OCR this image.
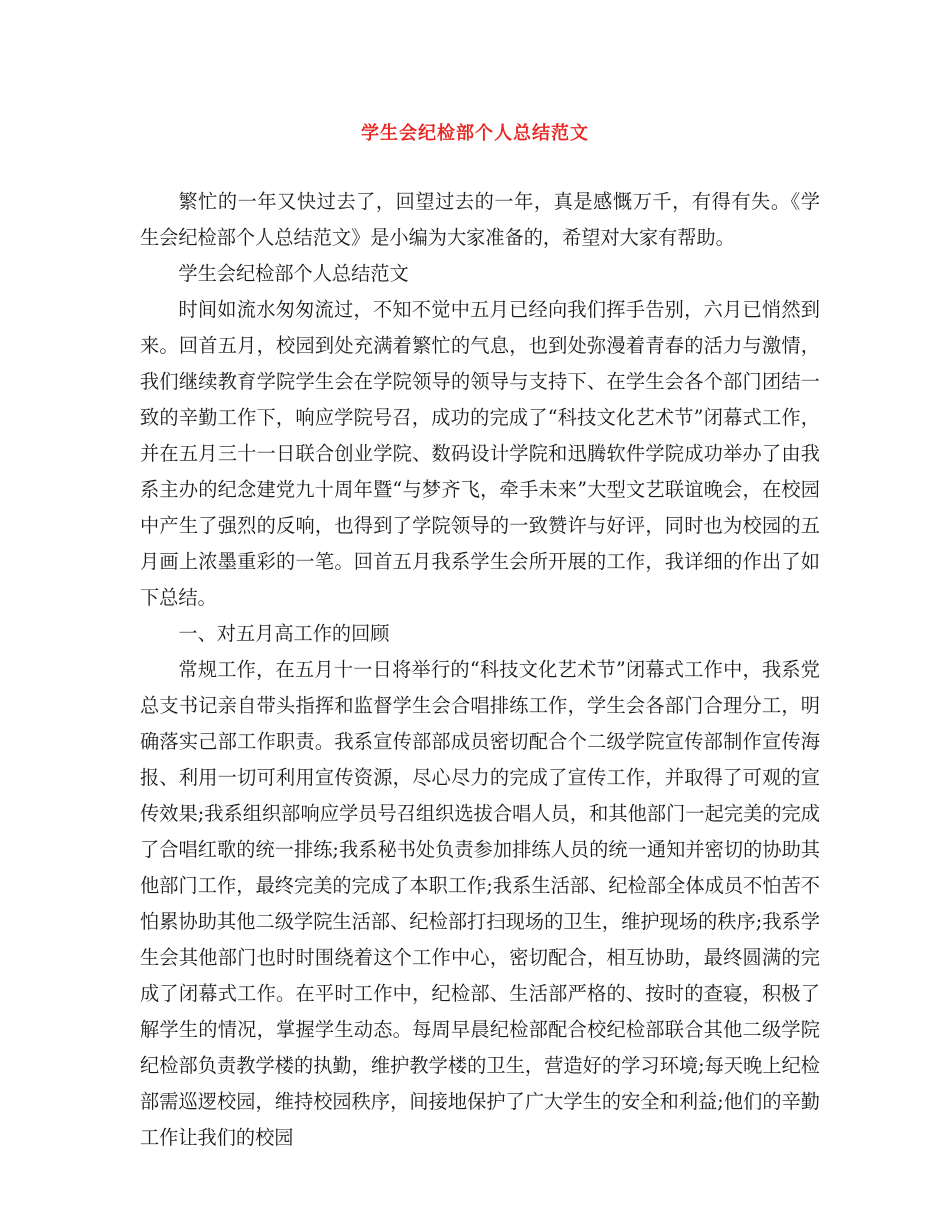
学生会纪检部个人总结范文

繁忙的一年又快过去了，回望过去的一年，真是感慨万千，有得有失。《学生会纪检部个人总结范文》是小编为大家准备的，希望对大家有帮助。

学生会纪检部个人总结范文

时间如流水匆匆流过，不知不觉中五月已经向我们挥手告别，六月已悄然到来。回首五月，校园到处充满着繁忙的气息，也到处弥漫着青春的活力与激情，我们继续教育学院学生会在学院领导的领导与支持下、在学生会各个部门团结一致的辛勤工作下，响应学院号召，成功的完成了“科技文化艺术节”闭幕式工作，并在五月三十一日联合创业学院、数码设计学院和迅腾软件学院成功举办了由我系主办的纪念建党九十周年暨“与梦齐飞，牵手未来”大型文艺联谊晚会，在校园中产生了强烈的反响，也得到了学院领导的一致赞许与好评，同时也为校园的五月画上浓墨重彩的一笔。回首五月我系学生会所开展的工作，我详细的作出了如下总结。

一、对五月高工作的回顾

常规工作，在五月十一日将举行的“科技文化艺术节”闭幕式工作中，我系党总支书记亲自带头指挥和监督学生会合唱排练工作，学生会各部门合理分工，明确落实己部工作职责。我系宣传部部成员密切配合个二级学院宣传部制作宣传海报、利用一切可利用宣传资源，尽心尽力的完成了宣传工作，并取得了可观的宣传效果;我系组织部响应学员号召组织选拔合唱人员，和其他部门一起完美的完成了合唱红歌的统一排练;我系秘书处负责参加排练人员的统一通知并密切的协助其他部门工作，最终完美的完成了本职工作;我系生活部、纪检部全体成员不怕苦不怕累协助其他二级学院生活部、纪检部打扫现场的卫生，维护现场的秩序;我系学生会其他部门也时时围绕着这个工作中心，密切配合，相互协助，最终圆满的完成了闭幕式工作。在平时工作中，纪检部、生活部严格的、按时的查寝，积极了解学生的情况，掌握学生动态。每周早晨纪检部配合校纪检部联合其他二级学院纪检部负责教学楼的执勤，维护教学楼的卫生，营造好的学习环境;每天晚上纪检部需巡逻校园，维持校园秩序，间接地保护了广大学生的安全和利益;他们的辛勤工作让我们的校园
